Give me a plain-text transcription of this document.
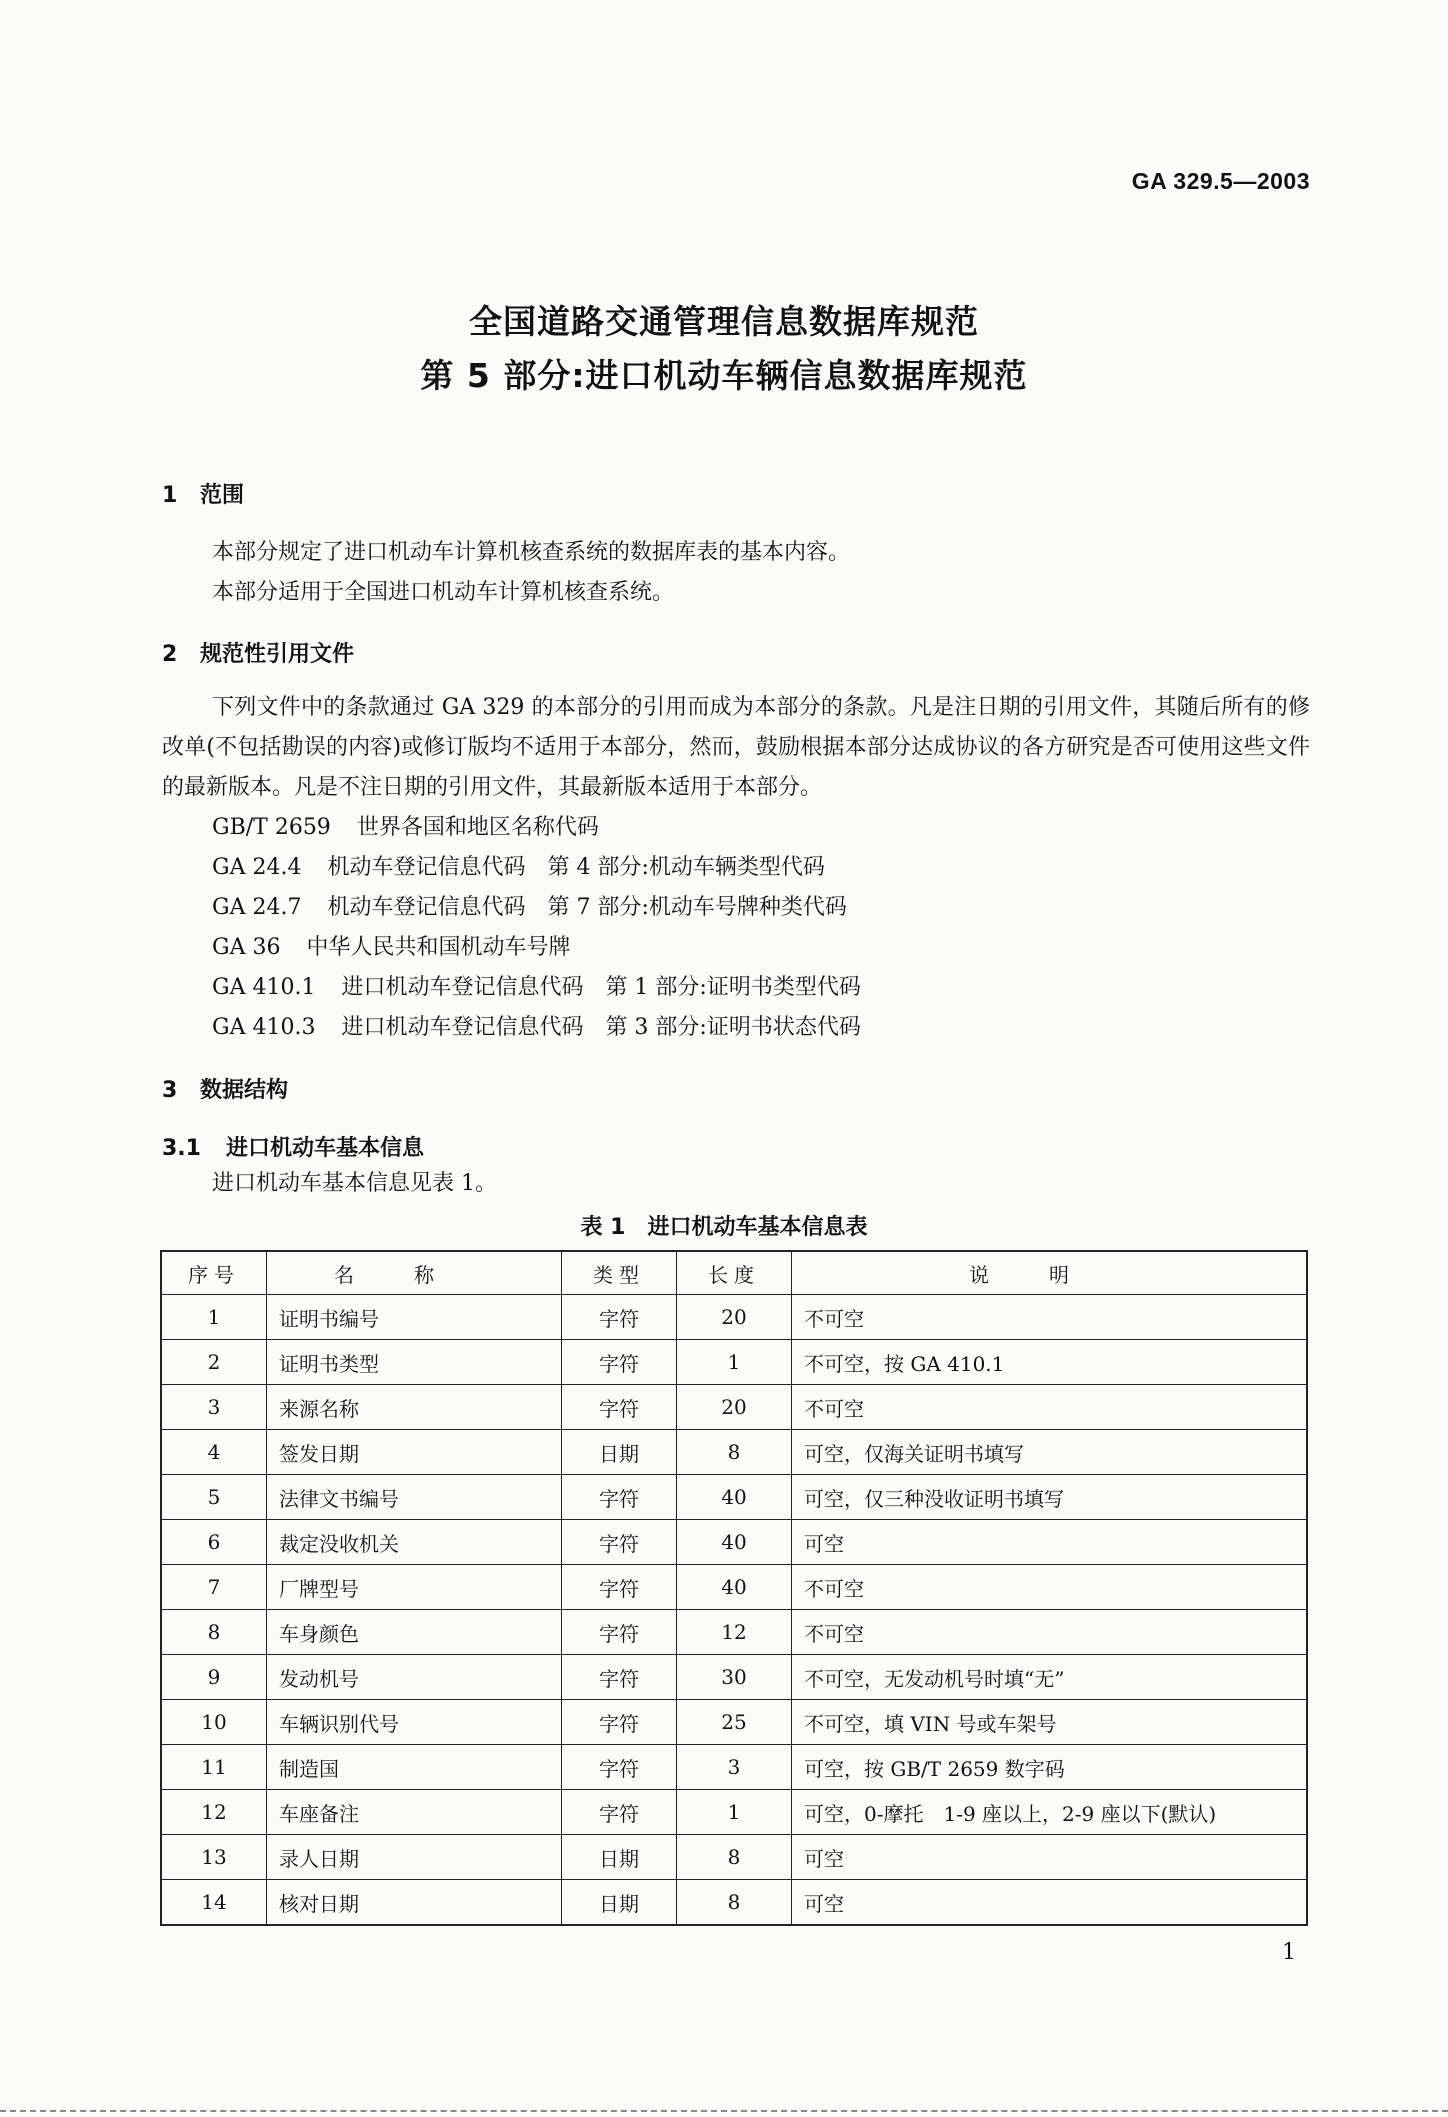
GA 329.5—2003
全国道路交通管理信息数据库规范
第 5 部分:进口机动车辆信息数据库规范
1 范围
本部分规定了进口机动车计算机核查系统的数据库表的基本内容。
本部分适用于全国进口机动车计算机核查系统。
2 规范性引用文件
下列文件中的条款通过 GA 329 的本部分的引用而成为本部分的条款。凡是注日期的引用文件，其随后所有的修改单(不包括勘误的内容)或修订版均不适用于本部分，然而，鼓励根据本部分达成协议的各方研究是否可使用这些文件的最新版本。凡是不注日期的引用文件，其最新版本适用于本部分。
GB/T 2659 世界各国和地区名称代码
GA 24.4 机动车登记信息代码　第 4 部分:机动车辆类型代码
GA 24.7 机动车登记信息代码　第 7 部分:机动车号牌种类代码
GA 36 中华人民共和国机动车号牌
GA 410.1 进口机动车登记信息代码　第 1 部分:证明书类型代码
GA 410.3 进口机动车登记信息代码　第 3 部分:证明书状态代码
3 数据结构
3.1 进口机动车基本信息
进口机动车基本信息见表 1。
表 1　进口机动车基本信息表
序号	名称	类型	长度	说明
1	证明书编号	字符	20	不可空
2	证明书类型	字符	1	不可空，按 GA 410.1
3	来源名称	字符	20	不可空
4	签发日期	日期	8	可空，仅海关证明书填写
5	法律文书编号	字符	40	可空，仅三种没收证明书填写
6	裁定没收机关	字符	40	可空
7	厂牌型号	字符	40	不可空
8	车身颜色	字符	12	不可空
9	发动机号	字符	30	不可空，无发动机号时填“无”
10	车辆识别代号	字符	25	不可空，填 VIN 号或车架号
11	制造国	字符	3	可空，按 GB/T 2659 数字码
12	车座备注	字符	1	可空，0-摩托　1-9 座以上，2-9 座以下(默认)
13	录人日期	日期	8	可空
14	核对日期	日期	8	可空
1
